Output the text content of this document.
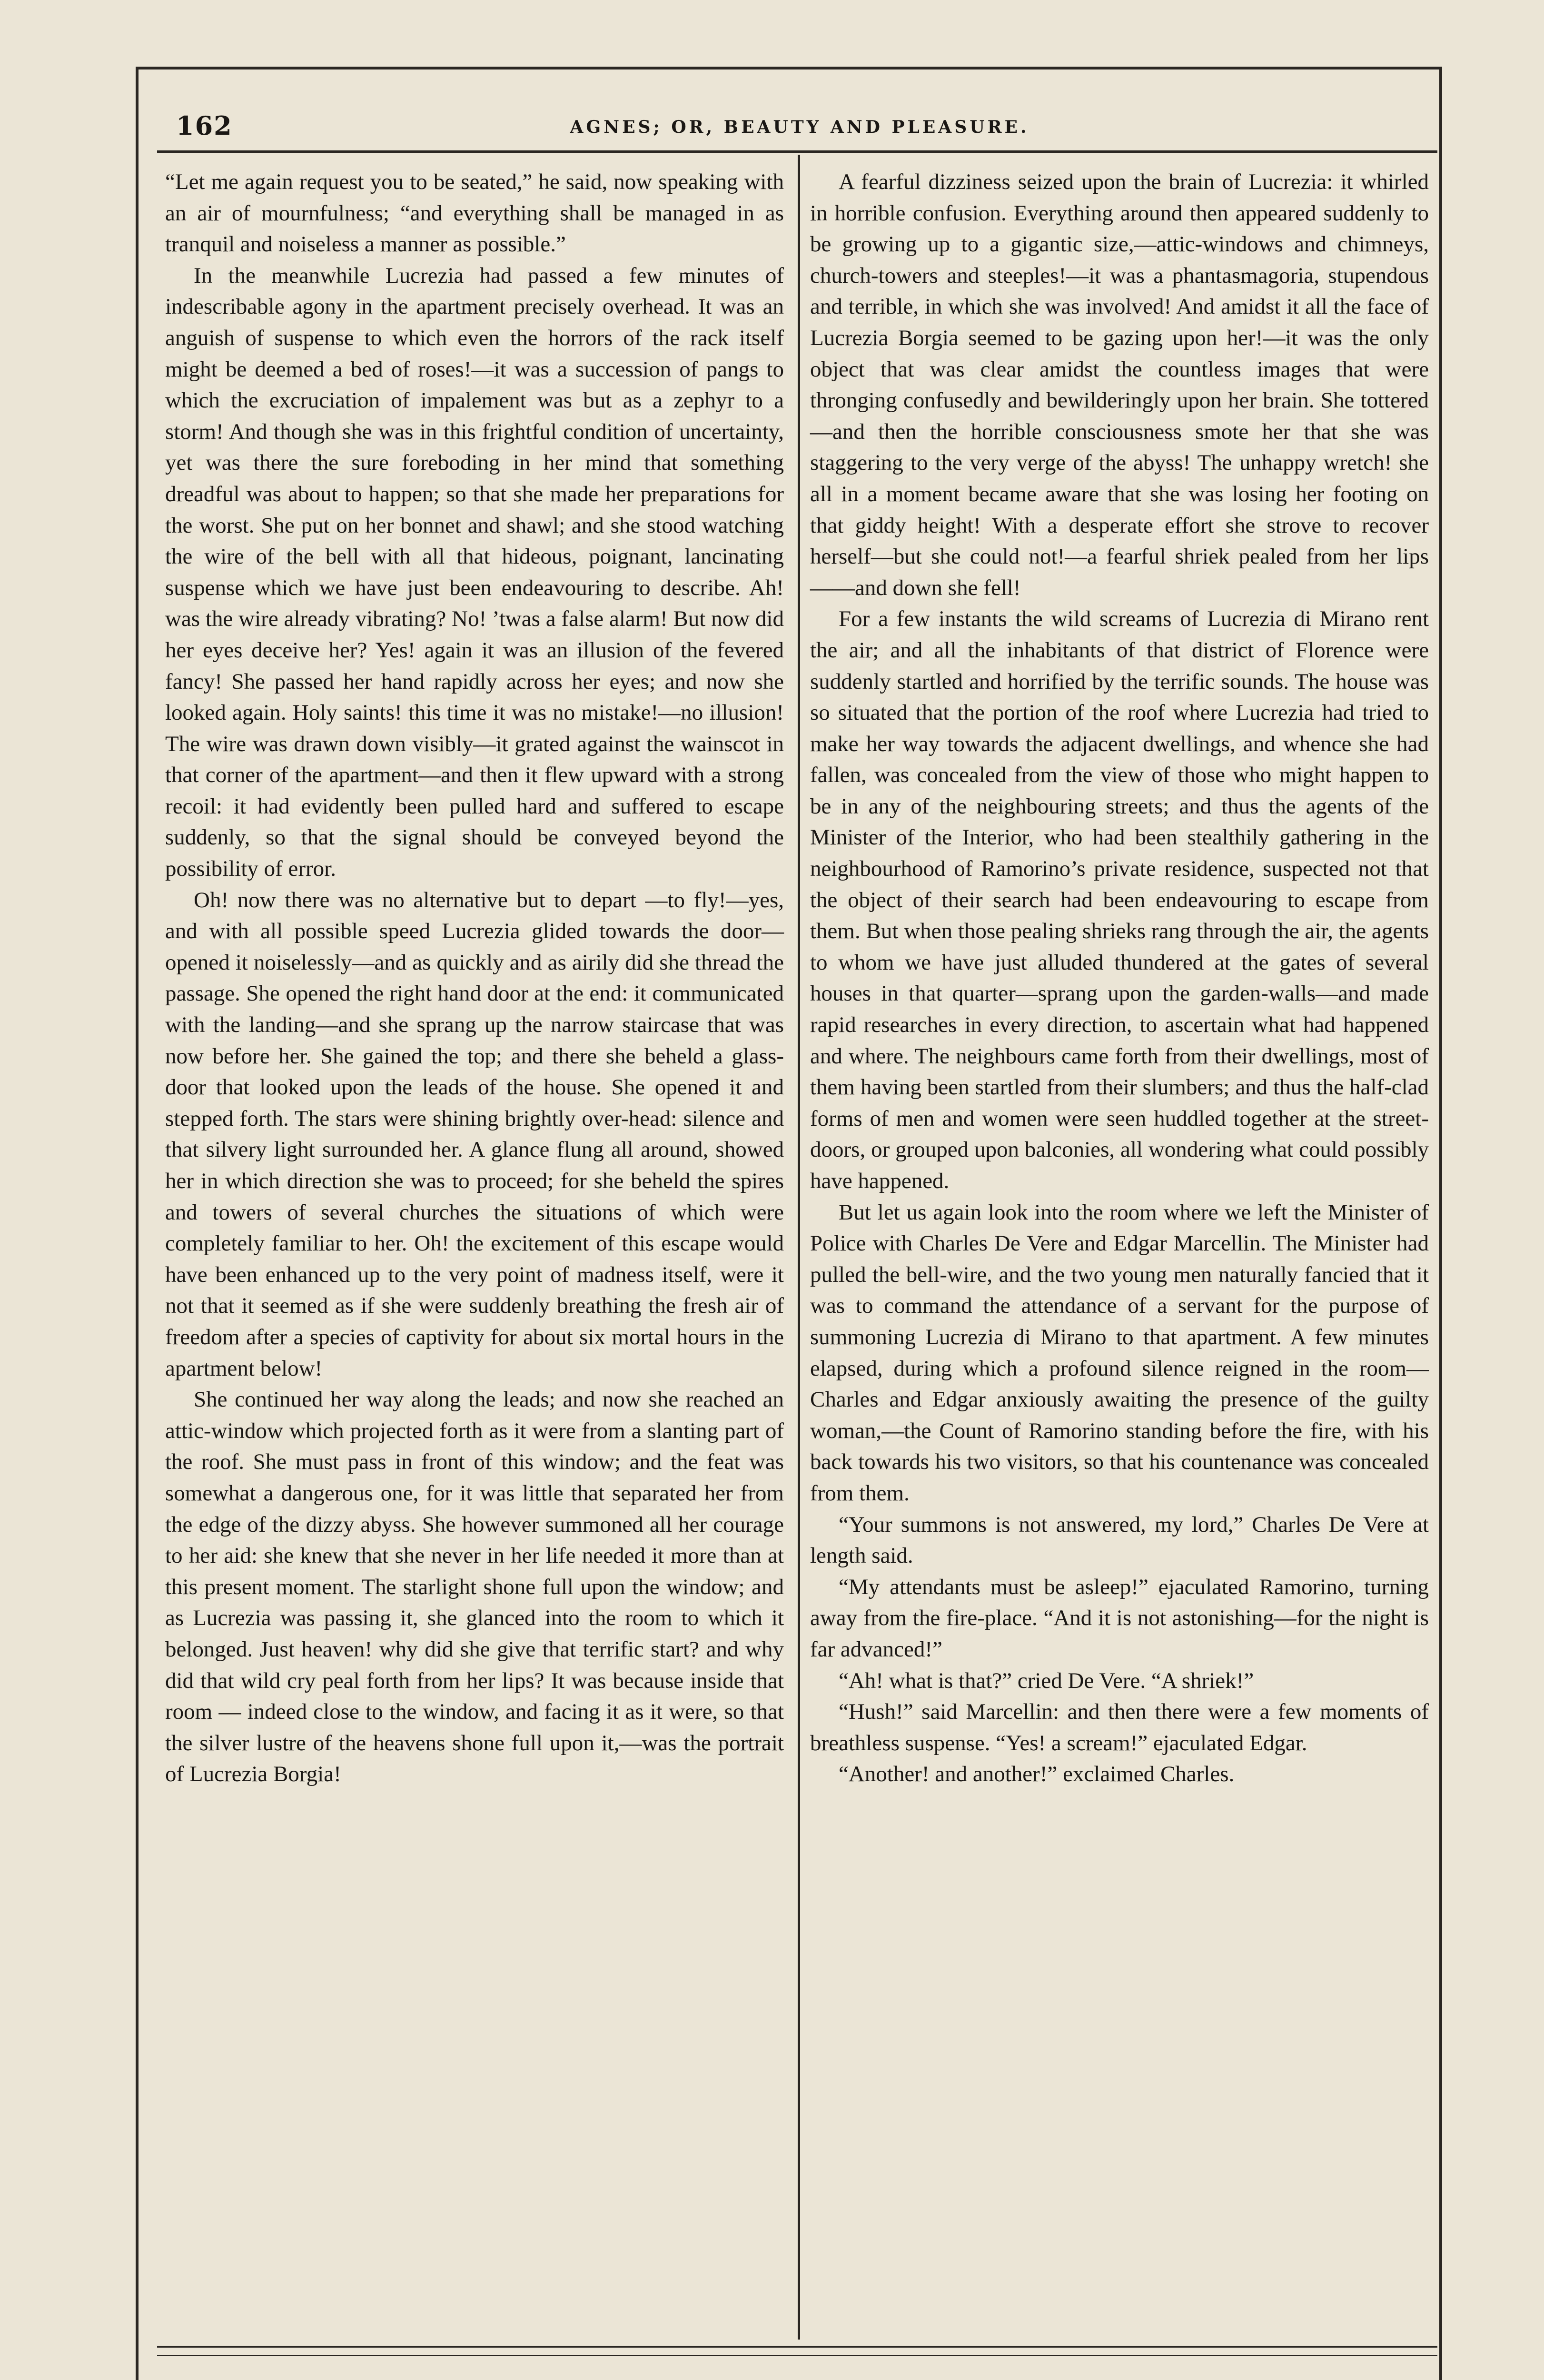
162	AGNES; OR, BEAUTY AND PLEASURE.

“Let me again request you to be seated,” he said, now speaking with an air of mournfulness; “and everything shall be managed in as tranquil and noiseless a manner as possible.”

In the meanwhile Lucrezia had passed a few minutes of indescribable agony in the apartment precisely overhead. It was an anguish of suspense to which even the horrors of the rack itself might be deemed a bed of roses!—it was a succession of pangs to which the excruciation of impalement was but as a zephyr to a storm! And though she was in this frightful condition of uncertainty, yet was there the sure foreboding in her mind that something dreadful was about to happen; so that she made her preparations for the worst. She put on her bonnet and shawl; and she stood watching the wire of the bell with all that hideous, poignant, lancinating suspense which we have just been endeavouring to describe. Ah! was the wire already vibrating? No! ’twas a false alarm! But now did her eyes deceive her? Yes! again it was an illusion of the fevered fancy! She passed her hand rapidly across her eyes; and now she looked again. Holy saints! this time it was no mistake!—no illusion! The wire was drawn down visibly—it grated against the wainscot in that corner of the apartment—and then it flew upward with a strong recoil: it had evidently been pulled hard and suffered to escape suddenly, so that the signal should be conveyed beyond the possibility of error.

Oh! now there was no alternative but to depart —to fly!—yes, and with all possible speed Lucrezia glided towards the door—opened it noiselessly—and as quickly and as airily did she thread the passage. She opened the right hand door at the end: it communicated with the landing—and she sprang up the narrow staircase that was now before her. She gained the top; and there she beheld a glass-door that looked upon the leads of the house. She opened it and stepped forth. The stars were shining brightly over-head: silence and that silvery light surrounded her. A glance flung all around, showed her in which direction she was to proceed; for she beheld the spires and towers of several churches the situations of which were completely familiar to her. Oh! the excitement of this escape would have been enhanced up to the very point of madness itself, were it not that it seemed as if she were suddenly breathing the fresh air of freedom after a species of captivity for about six mortal hours in the apartment below!

She continued her way along the leads; and now she reached an attic-window which projected forth as it were from a slanting part of the roof. She must pass in front of this window; and the feat was somewhat a dangerous one, for it was little that separated her from the edge of the dizzy abyss. She however summoned all her courage to her aid: she knew that she never in her life needed it more than at this present moment. The starlight shone full upon the window; and as Lucrezia was passing it, she glanced into the room to which it belonged. Just heaven! why did she give that terrific start? and why did that wild cry peal forth from her lips? It was because inside that room — indeed close to the window, and facing it as it were, so that the silver lustre of the heavens shone full upon it,—was the portrait of Lucrezia Borgia!

A fearful dizziness seized upon the brain of Lucrezia: it whirled in horrible confusion. Everything around then appeared suddenly to be growing up to a gigantic size,—attic-windows and chimneys, church-towers and steeples!—it was a phantasmagoria, stupendous and terrible, in which she was involved! And amidst it all the face of Lucrezia Borgia seemed to be gazing upon her!—it was the only object that was clear amidst the countless images that were thronging confusedly and bewilderingly upon her brain. She tottered—and then the horrible consciousness smote her that she was staggering to the very verge of the abyss! The unhappy wretch! she all in a moment became aware that she was losing her footing on that giddy height! With a desperate effort she strove to recover herself—but she could not!—a fearful shriek pealed from her lips——and down she fell!

For a few instants the wild screams of Lucrezia di Mirano rent the air; and all the inhabitants of that district of Florence were suddenly startled and horrified by the terrific sounds. The house was so situated that the portion of the roof where Lucrezia had tried to make her way towards the adjacent dwellings, and whence she had fallen, was concealed from the view of those who might happen to be in any of the neighbouring streets; and thus the agents of the Minister of the Interior, who had been stealthily gathering in the neighbourhood of Ramorino’s private residence, suspected not that the object of their search had been endeavouring to escape from them. But when those pealing shrieks rang through the air, the agents to whom we have just alluded thundered at the gates of several houses in that quarter—sprang upon the garden-walls—and made rapid researches in every direction, to ascertain what had happened and where. The neighbours came forth from their dwellings, most of them having been startled from their slumbers; and thus the half-clad forms of men and women were seen huddled together at the street-doors, or grouped upon balconies, all wondering what could possibly have happened.

But let us again look into the room where we left the Minister of Police with Charles De Vere and Edgar Marcellin. The Minister had pulled the bell-wire, and the two young men naturally fancied that it was to command the attendance of a servant for the purpose of summoning Lucrezia di Mirano to that apartment. A few minutes elapsed, during which a profound silence reigned in the room—Charles and Edgar anxiously awaiting the presence of the guilty woman,—the Count of Ramorino standing before the fire, with his back towards his two visitors, so that his countenance was concealed from them.

“Your summons is not answered, my lord,” Charles De Vere at length said.

“My attendants must be asleep!” ejaculated Ramorino, turning away from the fire-place. “And it is not astonishing—for the night is far advanced!”

“Ah! what is that?” cried De Vere. “A shriek!”

“Hush!” said Marcellin: and then there were a few moments of breathless suspense. “Yes! a scream!” ejaculated Edgar.

“Another! and another!” exclaimed Charles.
